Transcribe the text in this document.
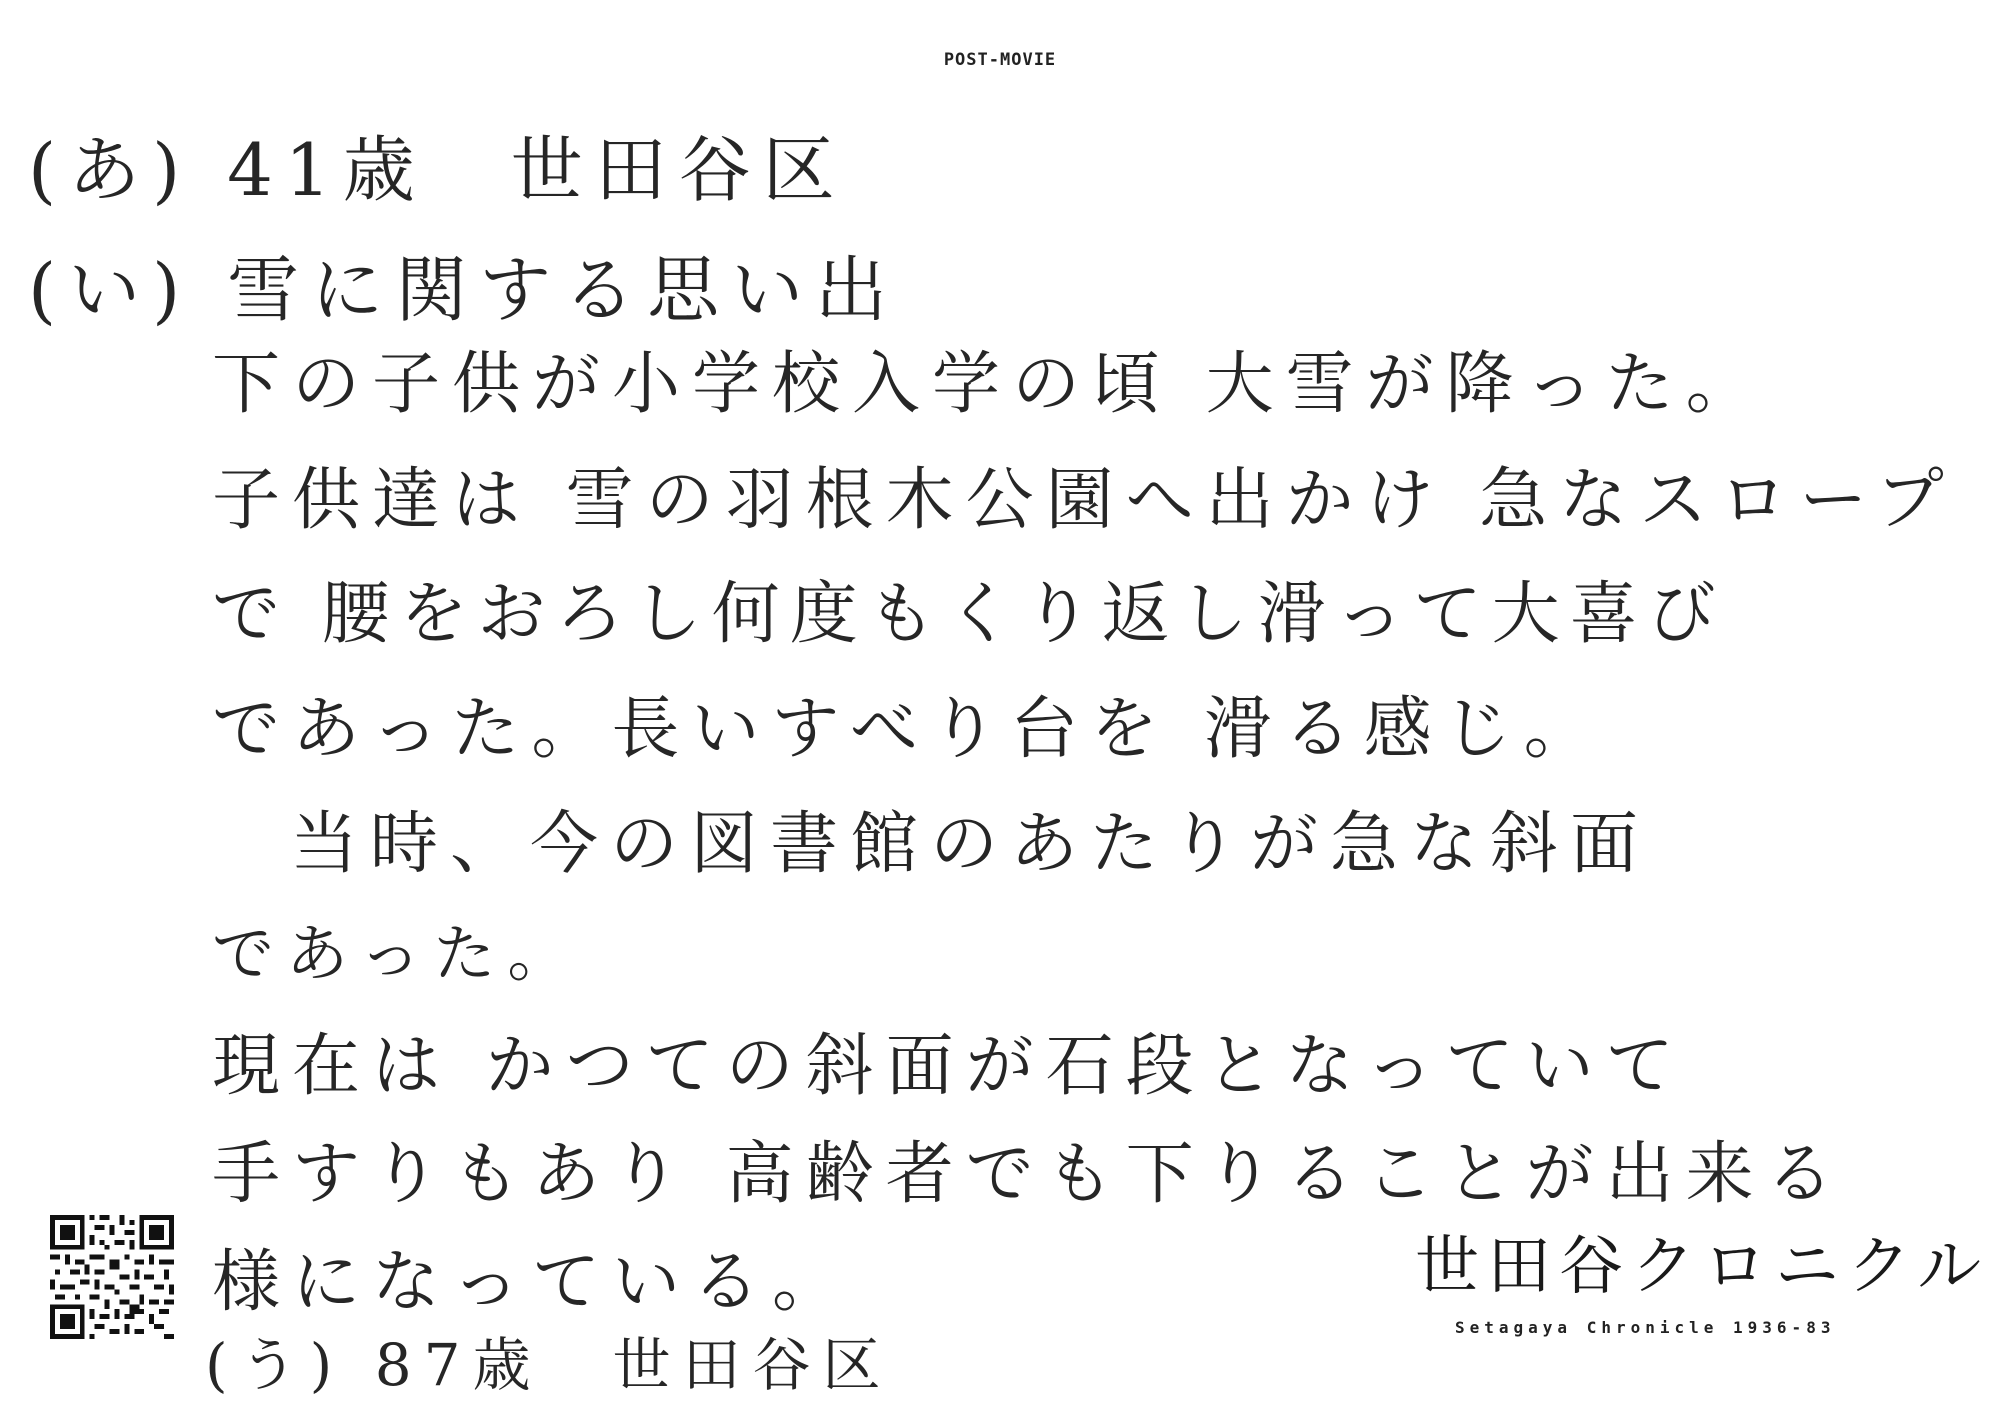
POST-MOVIE
(あ) 41歳　世田谷区
(い) 雪に関する思い出
下の子供が小学校入学の頃 大雪が降った。
子供達は 雪の羽根木公園へ出かけ 急なスロープ
で 腰をおろし何度もくり返し滑って大喜び
であった。長いすべり台を 滑る感じ。
当時、今の図書館のあたりが急な斜面
であった。
現在は かつての斜面が石段となっていて
手すりもあり 高齢者でも下りることが出来る
様になっている。
(う) 87歳　世田谷区
世田谷クロニクル
Setagaya Chronicle 1936-83
